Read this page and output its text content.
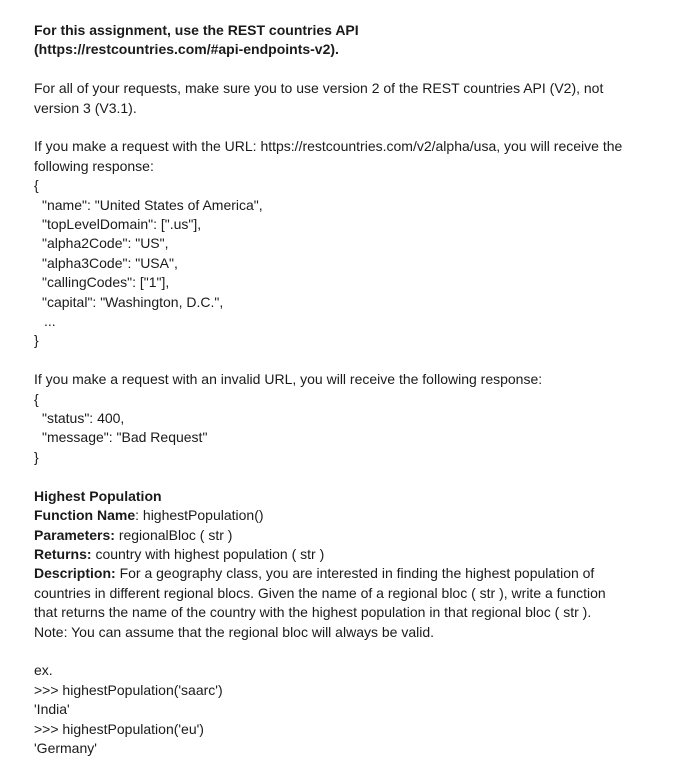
For this assignment, use the REST countries API

(https://restcountries.com/#api-endpoints-v2).

For all of your requests, make sure you to use version 2 of the REST countries API (V2), not

version 3 (V3.1).

If you make a request with the URL: https://restcountries.com/v2/alpha/usa, you will receive the

following response:

{

"name": "United States of America",

"topLevelDomain": [".us"],

"alpha2Code": "US",

"alpha3Code": "USA",

"callingCodes": ["1"],

"capital": "Washington, D.C.",

...

}

If you make a request with an invalid URL, you will receive the following response:

{

"status": 400,

"message": "Bad Request"

}

Highest Population

Function Name: highestPopulation()

Parameters: regionalBloc ( str )

Returns: country with highest population ( str )

Description: For a geography class, you are interested in finding the highest population of

countries in different regional blocs. Given the name of a regional bloc ( str ), write a function

that returns the name of the country with the highest population in that regional bloc ( str ).

Note: You can assume that the regional bloc will always be valid.

ex.

>>> highestPopulation('saarc')

'India'

>>> highestPopulation('eu')

'Germany'
